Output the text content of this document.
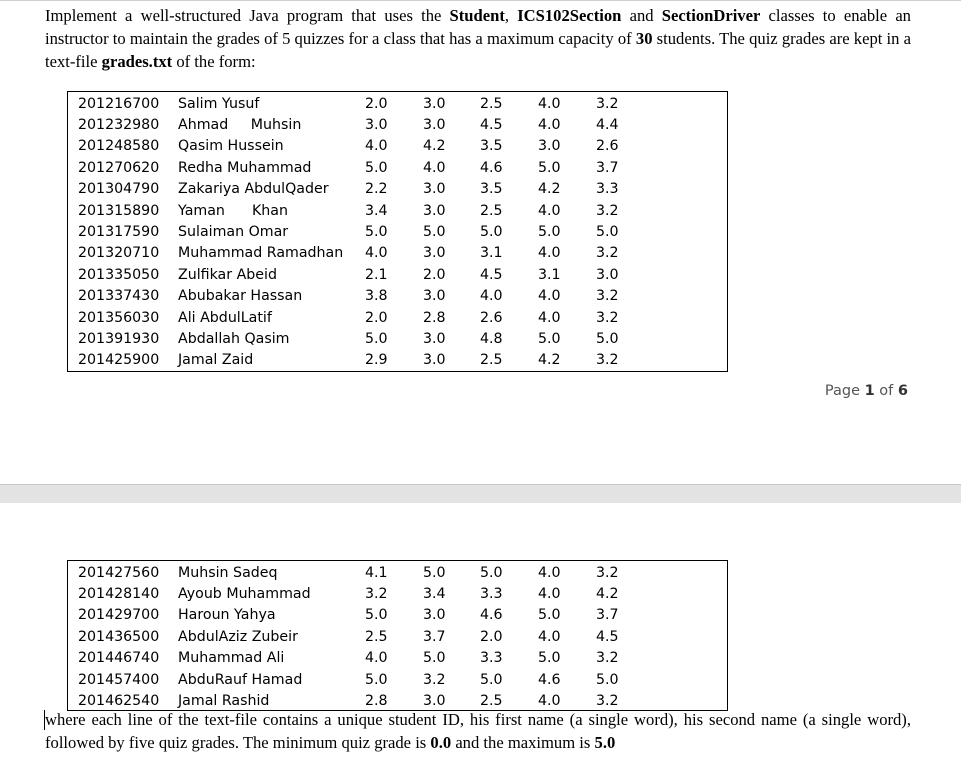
Implement a well-structured Java program that uses the Student, ICS102Section and SectionDriver classes to enable an instructor to maintain the grades of 5 quizzes for a class that has a maximum capacity of 30 students. The quiz grades are kept in a text-file grades.txt of the form:
201216700 Salim Yusuf	2.0 3.0 2.5 4.0 3.2
201232980 Ahmad     Muhsin	3.0 3.0 4.5 4.0 4.4
201248580 Qasim Hussein	4.0 4.2 3.5 3.0 2.6
201270620 Redha Muhammad	5.0 4.0 4.6 5.0 3.7
201304790 Zakariya AbdulQader	2.2 3.0 3.5 4.2 3.3
201315890 Yaman      Khan	3.4 3.0 2.5 4.0 3.2
201317590 Sulaiman Omar	5.0 5.0 5.0 5.0 5.0
201320710 Muhammad Ramadhan 4.0 3.0 3.1 4.0 3.2
201335050 Zulfikar Abeid	2.1 2.0 4.5 3.1 3.0
201337430 Abubakar Hassan	3.8 3.0 4.0 4.0 3.2
201356030 Ali AbdulLatif	2.0 2.8 2.6 4.0 3.2
201391930 Abdallah Qasim	5.0 3.0 4.8 5.0 5.0
201425900 Jamal Zaid	2.9 3.0 2.5 4.2 3.2
Page 1 of 6
201427560 Muhsin Sadeq	4.1 5.0 5.0 4.0 3.2
201428140 Ayoub Muhammad	3.2 3.4 3.3 4.0 4.2
201429700 Haroun Yahya	5.0 3.0 4.6 5.0 3.7
201436500 AbdulAziz Zubeir	2.5 3.7 2.0 4.0 4.5
201446740 Muhammad Ali	4.0 5.0 3.3 5.0 3.2
201457400 AbduRauf Hamad	5.0 3.2 5.0 4.6 5.0
201462540 Jamal Rashid	2.8 3.0 2.5 4.0 3.2
where each line of the text-file contains a unique student ID, his first name (a single word), his second name (a single word), followed by five quiz grades. The minimum quiz grade is 0.0 and the maximum is 5.0
